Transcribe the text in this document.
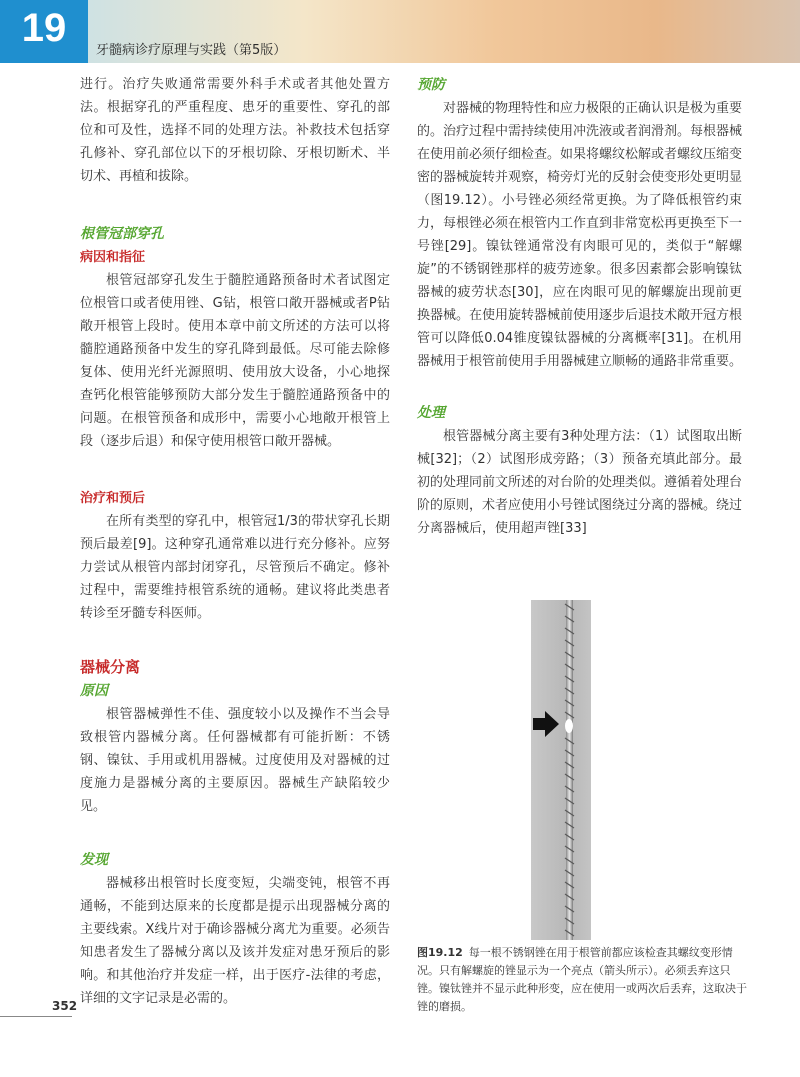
19
牙髓病诊疗原理与实践（第5版）

进行。治疗失败通常需要外科手术或者其他处置方法。根据穿孔的严重程度、患牙的重要性、穿孔的部位和可及性，选择不同的处理方法。补救技术包括穿孔修补、穿孔部位以下的牙根切除、牙根切断术、半切术、再植和拔除。

根管冠部穿孔
病因和指征

根管冠部穿孔发生于髓腔通路预备时术者试图定位根管口或者使用锉、G钻，根管口敞开器械或者P钻敞开根管上段时。使用本章中前文所述的方法可以将髓腔通路预备中发生的穿孔降到最低。尽可能去除修复体、使用光纤光源照明、使用放大设备，小心地探查钙化根管能够预防大部分发生于髓腔通路预备中的问题。在根管预备和成形中，需要小心地敞开根管上段（逐步后退）和保守使用根管口敞开器械。

治疗和预后

在所有类型的穿孔中，根管冠1/3的带状穿孔长期预后最差[9]。这种穿孔通常难以进行充分修补。应努力尝试从根管内部封闭穿孔，尽管预后不确定。修补过程中，需要维持根管系统的通畅。建议将此类患者转诊至牙髓专科医师。

器械分离
原因

根管器械弹性不佳、强度较小以及操作不当会导致根管内器械分离。任何器械都有可能折断：不锈钢、镍钛、手用或机用器械。过度使用及对器械的过度施力是器械分离的主要原因。器械生产缺陷较少见。

发现

器械移出根管时长度变短，尖端变钝，根管不再通畅，不能到达原来的长度都是提示出现器械分离的主要线索。X线片对于确诊器械分离尤为重要。必须告知患者发生了器械分离以及该并发症对患牙预后的影响。和其他治疗并发症一样，出于医疗-法律的考虑，详细的文字记录是必需的。

预防

对器械的物理特性和应力极限的正确认识是极为重要的。治疗过程中需持续使用冲洗液或者润滑剂。每根器械在使用前必须仔细检查。如果将螺纹松解或者螺纹压缩变密的器械旋转并观察，椅旁灯光的反射会使变形处更明显（图19.12）。小号锉必须经常更换。为了降低根管约束力，每根锉必须在根管内工作直到非常宽松再更换至下一号锉[29]。镍钛锉通常没有肉眼可见的，类似于“解螺旋”的不锈钢锉那样的疲劳迹象。很多因素都会影响镍钛器械的疲劳状态[30]，应在肉眼可见的解螺旋出现前更换器械。在使用旋转器械前使用逐步后退技术敞开冠方根管可以降低0.04锥度镍钛器械的分离概率[31]。在机用器械用于根管前使用手用器械建立顺畅的通路非常重要。

处理

根管器械分离主要有3种处理方法：（1）试图取出断械[32]；（2）试图形成旁路；（3）预备充填此部分。最初的处理同前文所述的对台阶的处理类似。遵循着处理台阶的原则，术者应使用小号锉试图绕过分离的器械。绕过分离器械后，使用超声锉[33]

图19.12 每一根不锈钢锉在用于根管前都应该检查其螺纹变形情况。只有解螺旋的锉显示为一个亮点（箭头所示）。必须丢弃这只锉。镍钛锉并不显示此种形变，应在使用一或两次后丢弃，这取决于锉的磨损。
352
